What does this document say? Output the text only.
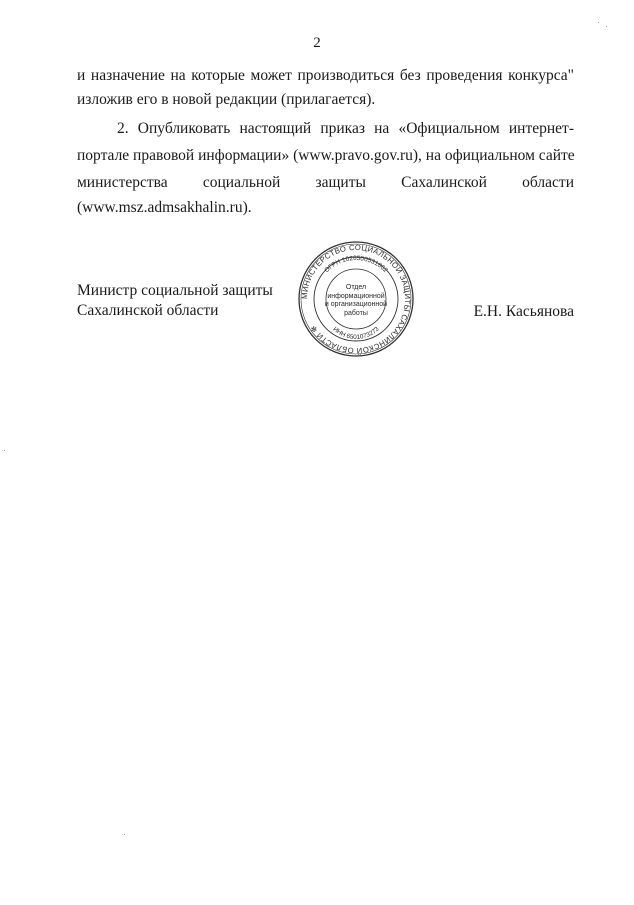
2
и назначение на которые может производиться без проведения конкурса"
изложив его в новой редакции (прилагается).
2. Опубликовать настоящий приказ на «Официальном интернет-
портале правовой информации» (www.pravo.gov.ru), на официальном сайте
министерства социальной защиты Сахалинской области
(www.msz.admsakhalin.ru).
Министр социальной защиты
Сахалинской области
МИНИСТЕРСТВО СОЦИАЛЬНОЙ ЗАЩИТЫ САХАЛИНСКОЙ ОБЛАСТИ ✻
ОГРН 1026500531862
ИНН 6501073273
Отдел
информационной
и организационной
работы	Е.Н. Касьянова
